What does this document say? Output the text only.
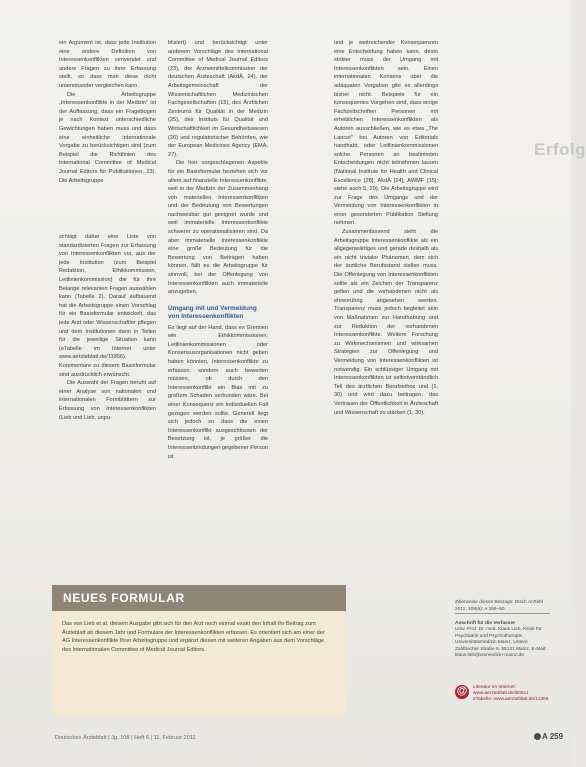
Erfolg

ein Argument ist, dass jede Institution eine andere Definition von Interessenkonflikten verwendet und andere Fragen zu ihrer Erfassung stellt, so dass man diese nicht untereinander vergleichen kann.

Die Arbeitsgruppe „Interessenkonflikte in der Medizin" ist der Auffassung, dass ein Fragebogen je nach Kontext unterschiedliche Gewichtungen haben muss und dass eine einheitliche internationale Vorgabe zu berücksichtigen sind (zum Beispiel die Richtlinien des International Committee of Medical Journal Editors für Publikationen, 23). Die Arbeitsgruppe

schlägt daher eine Liste von standardisierten Fragen zur Erfassung von Interessenkonflikten vor, aus der jede Institution (zum Beispiel Redaktion, Ethikkommission, Leitlinienkommission) die für ihre Belange relevanten Fragen auswählen kann (Tabelle 2). Darauf aufbauend hat die Arbeitsgruppe einen Vorschlag für ein Basisformular entwickelt, das jede Arzt oder Wissenschaftler pflegen und dem Institutionen dann in Teilen für die jeweilige Situation kann (eTabelle im Internet unter www.aerzteblatt.de/11356). Kommentare zu diesem Basisformular sind ausdrücklich erwünscht.

Die Auswahl der Fragen beruht auf einer Analyse von nationalen und internationalen Formblättern zur Erfassung von Interessenkonflikten (Lieb und Lieb, unpu-

bliziert) und berücksichtigt unter anderem Vorschläge des International Committee of Medical Journal Editors (23), der Arzneimittelkommission der deutschen Ärzteschaft (AkdÄ, 24), der Arbeitsgemeinschaft der Wissenschaftlichen Medizinischen Fachgesellschaften (15), des Ärztlichen Zentrums für Qualität in der Medizin (25), des Instituts für Qualität und Wirtschaftlichkeit im Gesundheitswesen (26) und regulatorischer Behörden, wie der European Medicines Agency (EMA, 27).

Die hier vorgeschlagenen Aspekte für ein Basisformular beziehen sich vor allem auf finanzielle Interessenkonflikte, weil in der Medizin der Zusammenhang von materiellen Interessenkonflikten und der Bedeutung von Bewertungen nachweisbar gut geeignet wurde und weil immaterielle Interessenkonflikte schwerer zu operationalisieren sind. Da aber immaterielle Interessenkonflikte eine große Bedeutung für die Bewertung von Beiträgen haben können, fällt es die Arbeitsgruppe für sinnvoll, bei der Offenlegung von Interessenkonflikten auch immaterielle anzugeben.

Umgang mit und Vermeidung von Interessenkonflikten

Es liegt auf der Hand, dass es Gremien wie Ethikkommissionen, Leitlinienkommissionen oder Konsensusorganisationen nicht geben haben könnten, Interessenkonflikte zu erfassen, sondern auch bewerten müssen, ob durch den Interessenkonflikt ein Bias mit zu großem Schaden verbunden wäre. Bei einer Konsequenz ein individuellen Fall gezogen werden sollte. Generell liegt sich jedoch so dass die einen Interessenkonflikt ausgeschlossen der Besetzung ist, je größer die Interessenbindungen gegebener Person ist

und je weitreichender Konsequenzen eine Entscheidung haben kann, desto strikter muss der Umgang mit Interessenkonflikten sein. Einen internationalen Konsens über die adäquaten Vorgaben gibt es allerdings bisher nicht. Beispiele für ein konsequentes Vorgehen sind, dass einige Fachzeitschriften Personen mit erheblichen Interessenkonflikten als Autoren ausschließen, wie es etwa „The Lancet" bei Autoren von Editorials handhabt, oder Leitlinienkommissionen solche Personen an bestimmten Entscheidungen nicht teilnehmen lassen (National Institute for Health and Clinical Excellence [28], AkdÄ [24], AWMF [15]; siehe auch 5, 29). Die Arbeitsgruppe wird zur Frage des Umgangs und der Vermeidung von Interessenkonflikten in einer gesonderten Publikation Stellung nehmen.

Zusammenfassend sieht die Arbeitsgruppe Interessenkonflikte als ein allgegenwärtiges und gerade deshalb als ein nicht trivialer Phänomen, dem sich der ärztliche Berufsstand stellen muss. Die Offenlegung von Interessenkonflikten sollte als ein Zeichen der Transparenz gelten und die vorhandenen nicht als ehrenrührig angesehen werden. Transparenz muss jedoch begleitet sein von Maßnahmen zur Handhabung und zur Reduktion der vorhandenen Interessenkonflikte. Weitere Forschung zu Wirkmechanismen und wirksamen Strategien zur Offenlegung und Vermeidung von Interessenkonflikten ist notwendig. Ein schlüssiger Umgang mit Interessenkonflikten ist selbstverständlich Teil des ärztlichen Berufsethos und (1, 30) und wird dazu beitragen, das Vertrauen der Öffentlichkeit in Ärzteschaft und Wissenschaft zu stärken (1, 30).

NEUES FORMULAR
Das von Lieb et al. diesem Ausgabe gibt sich für den Arzt noch einmal exakt den Inhalt Ihr Beitrag zum Ärzteblatt ab diesem Jahr und Formulare der Interessenkonflikten erfassen. Es orientiert sich am einer der AG Interessenkonflikte Ihrer Arbeitsgruppe und ergänzt diesen mit weiteren Angaben aus dem Vorschläge des Internationalen Committee of Medical Journal Editors.
Zitierweise dieses Beitrags: Dtsch Arztebl 2011; 108(6): A 256–60
Anschrift für die Verfasser
Univ.-Prof. Dr. med. Klaus Lieb, Klinik für Psychiatrie und Psychotherapie, Universitätsmedizin Mainz, Untere Zahlbacher Straße 8, 55131 Mainz, E-Mail: klaus.lieb@unimedizin-mainz.de
@	Literatur im Internet:
www.aerzteblatt.de/lit0611
eTabelle: www.aerzteblatt.de/11356
Deutsches Ärzteblatt | Jg. 108 | Heft 6 | 11. Februar 2011	A 259
